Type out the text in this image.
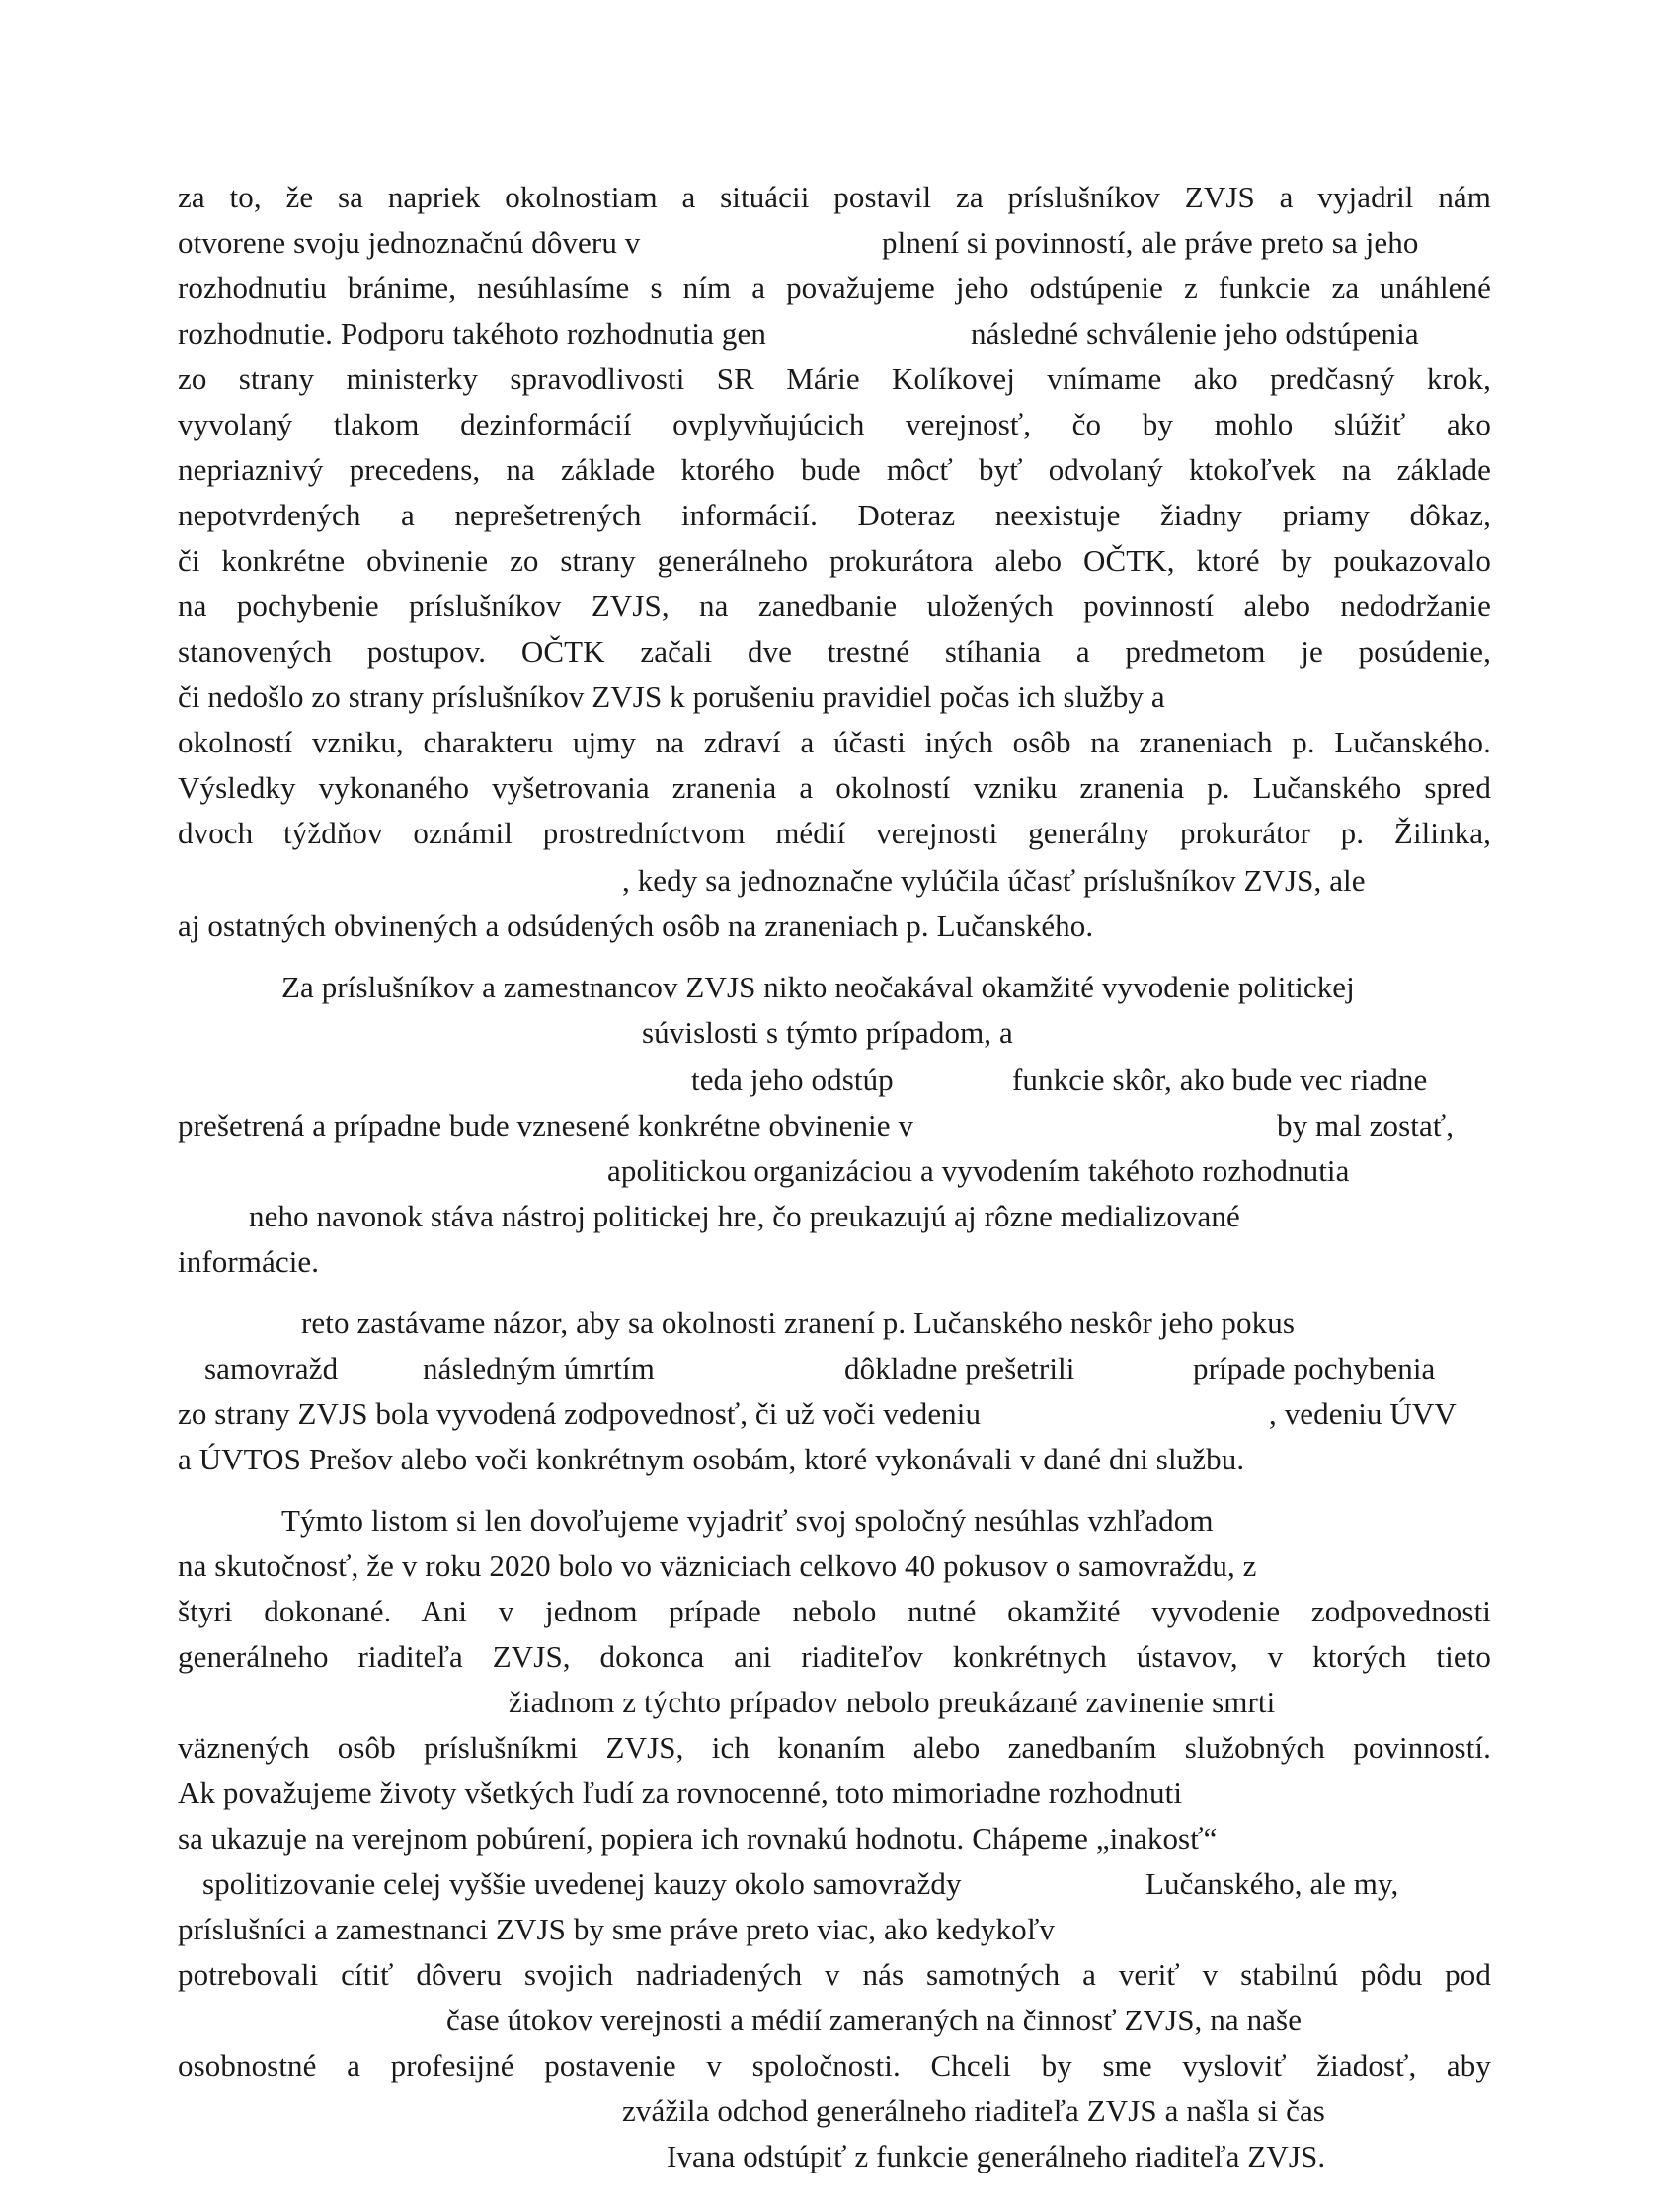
za to, že sa napriek okolnostiam a situácii postavil za príslušníkov ZVJS a vyjadril nám
otvorene svoju jednoznačnú dôveru v	plnení si povinností, ale práve preto sa jeho
rozhodnutiu bránime, nesúhlasíme s ním a považujeme jeho odstúpenie z funkcie za unáhlené
rozhodnutie. Podporu takéhoto rozhodnutia gen	následné schválenie jeho odstúpenia
zo strany ministerky spravodlivosti SR Márie Kolíkovej vnímame ako predčasný krok,
vyvolaný tlakom dezinformácií ovplyvňujúcich verejnosť, čo by mohlo slúžiť ako
nepriaznivý precedens, na základe ktorého bude môcť byť odvolaný ktokoľvek na základe
nepotvrdených a neprešetrených informácií. Doteraz neexistuje žiadny priamy dôkaz,
či konkrétne obvinenie zo strany generálneho prokurátora alebo OČTK, ktoré by poukazovalo
na pochybenie príslušníkov ZVJS, na zanedbanie uložených povinností alebo nedodržanie
stanovených postupov. OČTK začali dve trestné stíhania a predmetom je posúdenie,
či nedošlo zo strany príslušníkov ZVJS k porušeniu pravidiel počas ich služby a
okolností vzniku, charakteru ujmy na zdraví a účasti iných osôb na zraneniach p. Lučanského.
Výsledky vykonaného vyšetrovania zranenia a okolností vzniku zranenia p. Lučanského spred
dvoch týždňov oznámil prostredníctvom médií verejnosti generálny prokurátor p. Žilinka,
, kedy sa jednoznačne vylúčila účasť príslušníkov ZVJS, ale
aj ostatných obvinených a odsúdených osôb na zraneniach p. Lučanského.
Za príslušníkov a zamestnancov ZVJS nikto neočakával okamžité vyvodenie politickej
súvislosti s týmto prípadom, a
teda jeho odstúp	funkcie skôr, ako bude vec riadne
prešetrená a prípadne bude vznesené konkrétne obvinenie v	by mal zostať,
apolitickou organizáciou a vyvodením takéhoto rozhodnutia
neho navonok stáva nástroj politickej hre, čo preukazujú aj rôzne medializované
informácie.
reto zastávame názor, aby sa okolnosti zranení p. Lučanského neskôr jeho pokus
samovražd	následným úmrtím	dôkladne prešetrili	prípade pochybenia
zo strany ZVJS bola vyvodená zodpovednosť, či už voči vedeniu	, vedeniu ÚVV
a ÚVTOS Prešov alebo voči konkrétnym osobám, ktoré vykonávali v dané dni službu.
Týmto listom si len dovoľujeme vyjadriť svoj spoločný nesúhlas vzhľadom
na skutočnosť, že v roku 2020 bolo vo väzniciach celkovo 40 pokusov o samovraždu, z
štyri dokonané. Ani v jednom prípade nebolo nutné okamžité vyvodenie zodpovednosti
generálneho riaditeľa ZVJS, dokonca ani riaditeľov konkrétnych ústavov, v ktorých tieto
žiadnom z týchto prípadov nebolo preukázané zavinenie smrti
väznených osôb príslušníkmi ZVJS, ich konaním alebo zanedbaním služobných povinností.
Ak považujeme životy všetkých ľudí za rovnocenné, toto mimoriadne rozhodnuti
sa ukazuje na verejnom pobúrení, popiera ich rovnakú hodnotu. Chápeme „inakosť“
spolitizovanie celej vyššie uvedenej kauzy okolo samovraždy	Lučanského, ale my,
príslušníci a zamestnanci ZVJS by sme práve preto viac, ako kedykoľv
potrebovali cítiť dôveru svojich nadriadených v nás samotných a veriť v stabilnú pôdu pod
čase útokov verejnosti a médií zameraných na činnosť ZVJS, na naše
osobnostné a profesijné postavenie v spoločnosti. Chceli by sme vysloviť žiadosť, aby
zvážila odchod generálneho riaditeľa ZVJS a našla si čas
Ivana odstúpiť z funkcie generálneho riaditeľa ZVJS.
